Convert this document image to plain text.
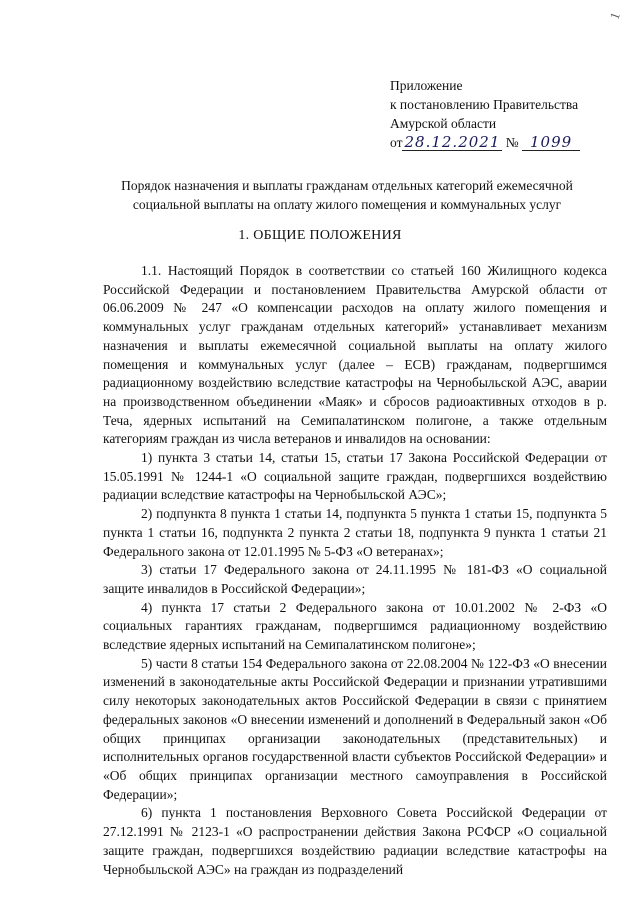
1
Приложение
к постановлению Правительства
Амурской области
от 28.12.2021 № 1099
Порядок назначения и выплаты гражданам отдельных категорий ежемесячной социальной выплаты на оплату жилого помещения и коммунальных услуг
1. ОБЩИЕ ПОЛОЖЕНИЯ

1.1. Настоящий Порядок в соответствии со статьей 160 Жилищного кодекса Российской Федерации и постановлением Правительства Амурской области от 06.06.2009 № 247 «О компенсации расходов на оплату жилого помещения и коммунальных услуг гражданам отдельных категорий» устанавливает механизм назначения и выплаты ежемесячной социальной выплаты на оплату жилого помещения и коммунальных услуг (далее – ЕСВ) гражданам, подвергшимся радиационному воздействию вследствие катастрофы на Чернобыльской АЭС, аварии на производственном объединении «Маяк» и сбросов радиоактивных отходов в р. Теча, ядерных испытаний на Семипалатинском полигоне, а также отдельным категориям граждан из числа ветеранов и инвалидов на основании:

1) пункта 3 статьи 14, статьи 15, статьи 17 Закона Российской Федерации от 15.05.1991 № 1244-1 «О социальной защите граждан, подвергшихся воздействию радиации вследствие катастрофы на Чернобыльской АЭС»;

2) подпункта 8 пункта 1 статьи 14, подпункта 5 пункта 1 статьи 15, подпункта 5 пункта 1 статьи 16, подпункта 2 пункта 2 статьи 18, подпункта 9 пункта 1 статьи 21 Федерального закона от 12.01.1995 № 5-ФЗ «О ветеранах»;

3) статьи 17 Федерального закона от 24.11.1995 № 181-ФЗ «О социальной защите инвалидов в Российской Федерации»;

4) пункта 17 статьи 2 Федерального закона от 10.01.2002 № 2-ФЗ «О социальных гарантиях гражданам, подвергшимся радиационному воздействию вследствие ядерных испытаний на Семипалатинском полигоне»;

5) части 8 статьи 154 Федерального закона от 22.08.2004 № 122-ФЗ «О внесении изменений в законодательные акты Российской Федерации и признании утратившими силу некоторых законодательных актов Российской Федерации в связи с принятием федеральных законов «О внесении изменений и дополнений в Федеральный закон «Об общих принципах организации законодательных (представительных) и исполнительных органов государственной власти субъектов Российской Федерации» и «Об общих принципах организации местного самоуправления в Российской Федерации»;

6) пункта 1 постановления Верховного Совета Российской Федерации от 27.12.1991 № 2123-1 «О распространении действия Закона РСФСР «О социальной защите граждан, подвергшихся воздействию радиации вследствие катастрофы на Чернобыльской АЭС» на граждан из подразделений
